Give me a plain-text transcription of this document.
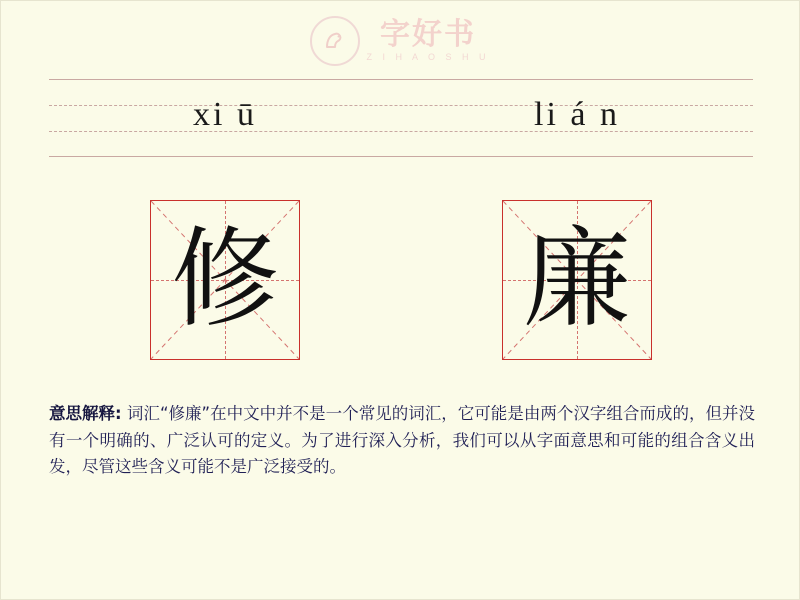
字好书
Z I H A O S H U
xi ū	li á n
修 廉
意思解释: 词汇“修廉”在中文中并不是一个常见的词汇，它可能是由两个汉字组合而成的，但并没有一个明确的、广泛认可的定义。为了进行深入分析，我们可以从字面意思和可能的组合含义出发，尽管这些含义可能不是广泛接受的。
